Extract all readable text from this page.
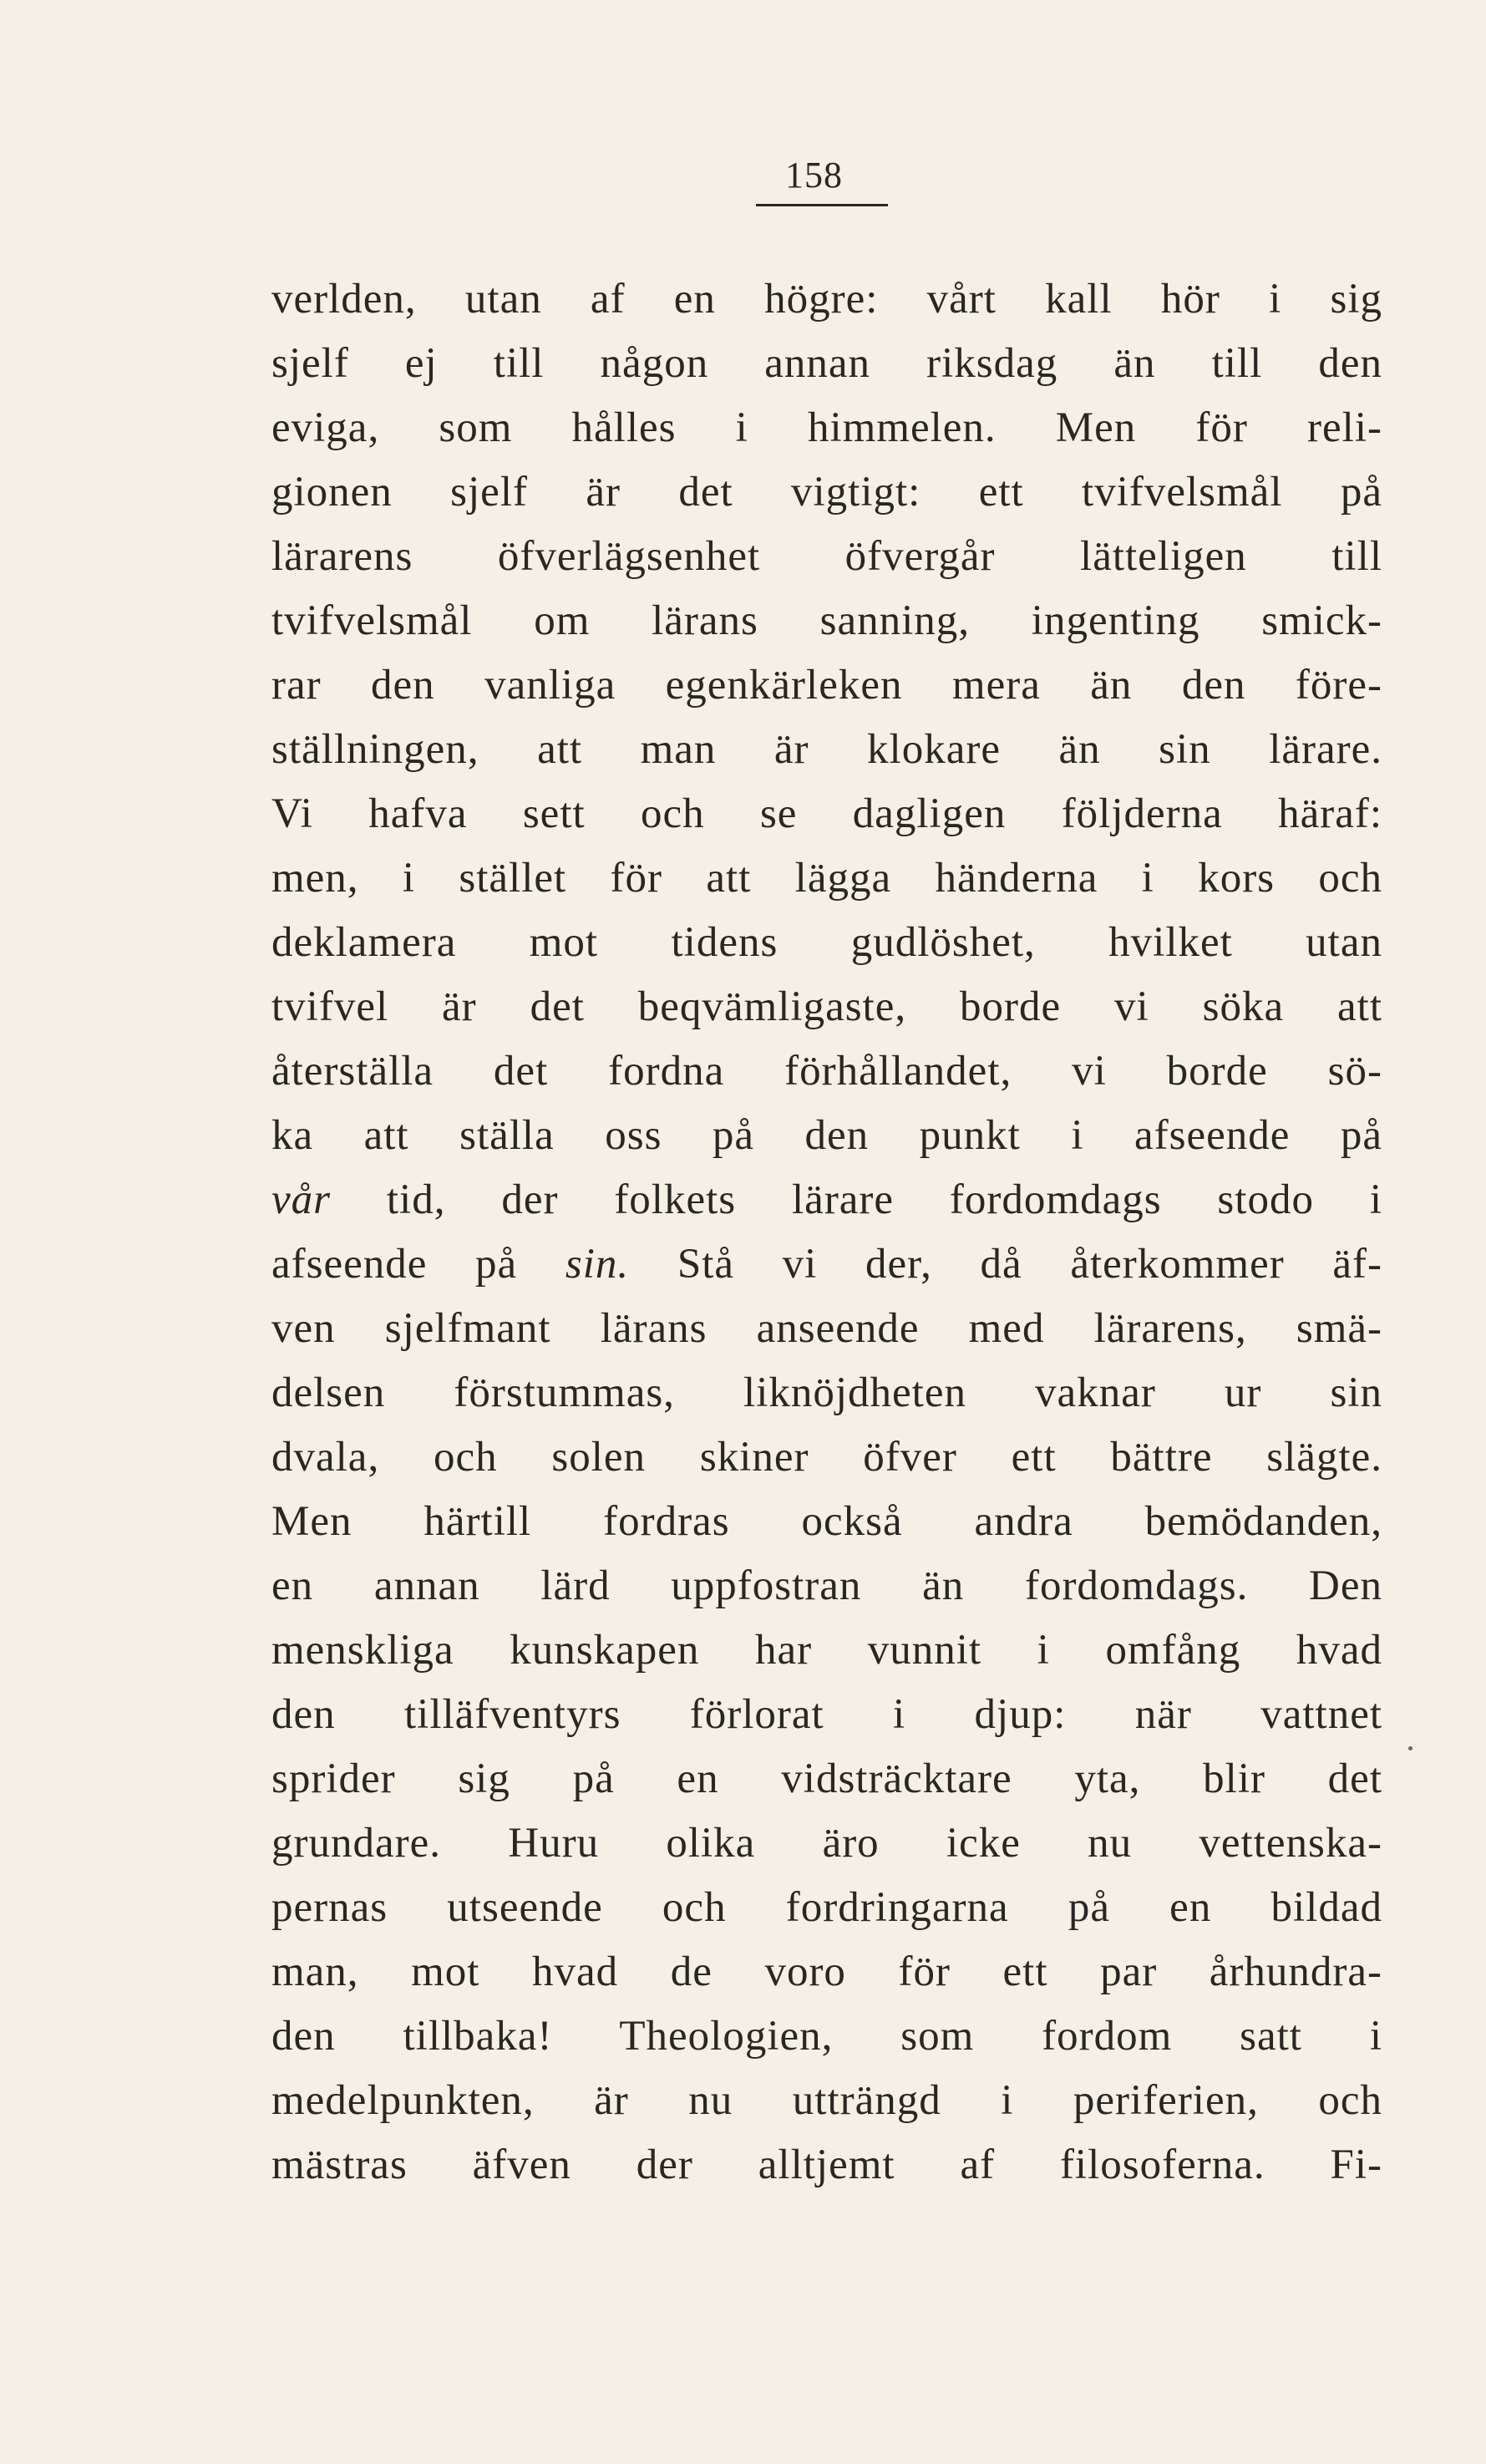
158
verlden, utan af en högre: vårt kall hör i sig
sjelf ej till någon annan riksdag än till den
eviga, som hålles i himmelen. Men för reli-
gionen sjelf är det vigtigt: ett tvifvelsmål på
lärarens öfverlägsenhet öfvergår lätteligen till
tvifvelsmål om lärans sanning, ingenting smick-
rar den vanliga egenkärleken mera än den före-
ställningen, att man är klokare än sin lärare.
Vi hafva sett och se dagligen följderna häraf:
men, i stället för att lägga händerna i kors och
deklamera mot tidens gudlöshet, hvilket utan
tvifvel är det beqvämligaste, borde vi söka att
återställa det fordna förhållandet, vi borde sö-
ka att ställa oss på den punkt i afseende på
vår tid, der folkets lärare fordomdags stodo i
afseende på sin. Stå vi der, då återkommer äf-
ven sjelfmant lärans anseende med lärarens, smä-
delsen förstummas, liknöjdheten vaknar ur sin
dvala, och solen skiner öfver ett bättre slägte.
Men härtill fordras också andra bemödanden,
en annan lärd uppfostran än fordomdags. Den
menskliga kunskapen har vunnit i omfång hvad
den tilläfventyrs förlorat i djup: när vattnet
sprider sig på en vidsträcktare yta, blir det
grundare. Huru olika äro icke nu vettenska-
pernas utseende och fordringarna på en bildad
man, mot hvad de voro för ett par århundra-
den tillbaka! Theologien, som fordom satt i
medelpunkten, är nu utträngd i periferien, och
mästras äfven der alltjemt af filosoferna. Fi-
